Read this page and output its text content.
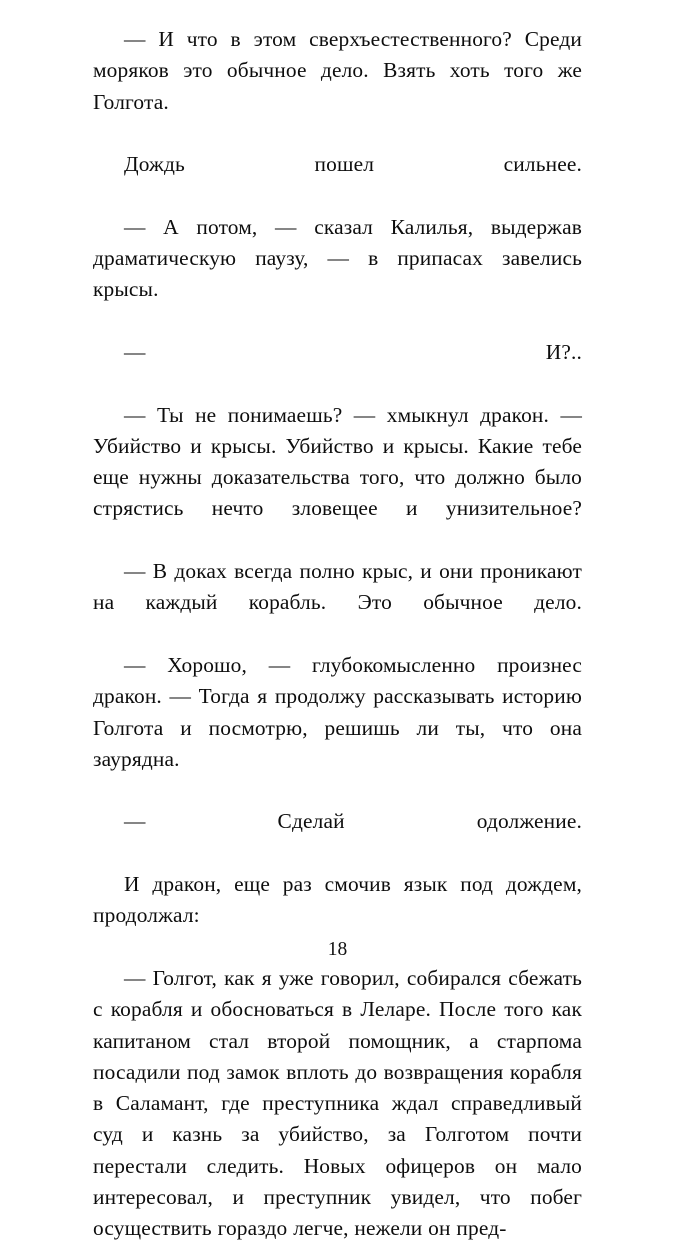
— И что в этом сверхъестественного? Среди моряков это обычное дело. Взять хоть того же Голгота.

Дождь пошел сильнее.

— А потом, — сказал Калилья, выдержав драматическую паузу, — в припасах завелись крысы.

— И?..

— Ты не понимаешь? — хмыкнул дракон. — Убийство и крысы. Убийство и крысы. Какие тебе еще нужны доказательства того, что должно было стрястись нечто зловещее и унизительное?

— В доках всегда полно крыс, и они проникают на каждый корабль. Это обычное дело.

— Хорошо, — глубокомысленно произнес дракон. — Тогда я продолжу рассказывать историю Голгота и посмотрю, решишь ли ты, что она заурядна.

— Сделай одолжение.

И дракон, еще раз смочив язык под дождем, продолжал:

— Голгот, как я уже говорил, собирался сбежать с корабля и обосноваться в Леларе. После того как капитаном стал второй помощник, а старпома посадили под замок вплоть до возвращения корабля в Саламант, где преступника ждал справедливый суд и казнь за убийство, за Голготом почти перестали следить. Новых офицеров он мало интересовал, и преступник увидел, что побег осуществить гораздо легче, нежели он пред-

18
